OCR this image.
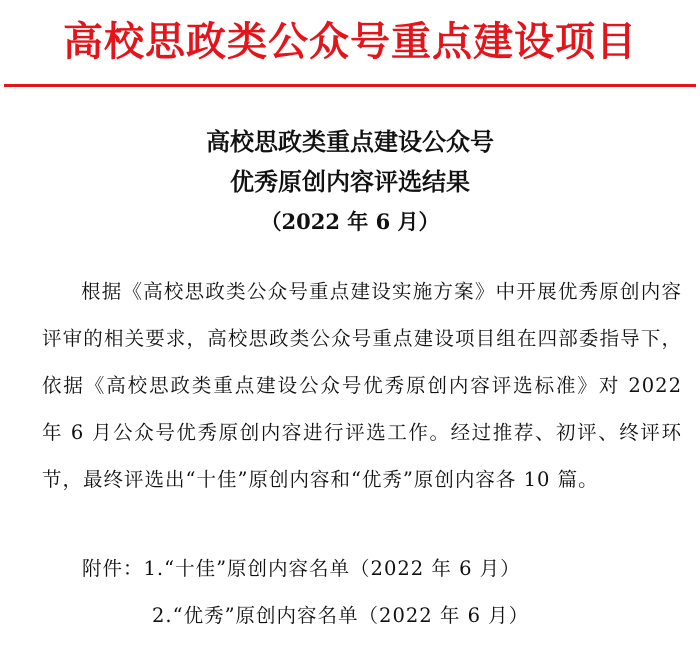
高校思政类公众号重点建设项目
高校思政类重点建设公众号
优秀原创内容评选结果
（2022 年 6 月）
根据《高校思政类公众号重点建设实施方案》中开展优秀原创内容评审的相关要求，高校思政类公众号重点建设项目组在四部委指导下，依据《高校思政类重点建设公众号优秀原创内容评选标准》对 2022 年 6 月公众号优秀原创内容进行评选工作。经过推荐、初评、终评环节，最终评选出“十佳”原创内容和“优秀”原创内容各 10 篇。
附件：1.“十佳”原创内容名单（2022 年 6 月）
2.“优秀”原创内容名单（2022 年 6 月）
